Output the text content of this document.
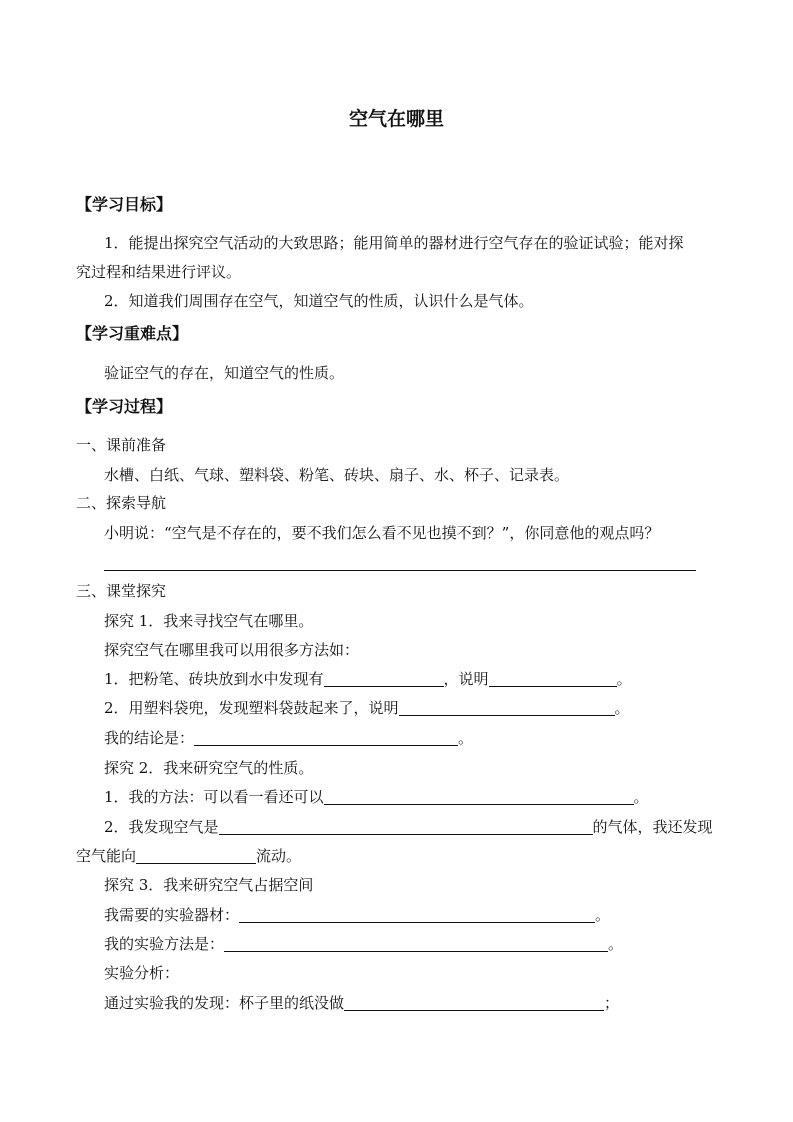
空气在哪里
【学习目标】
1．能提出探究空气活动的大致思路；能用简单的器材进行空气存在的验证试验；能对探
究过程和结果进行评议。
2．知道我们周围存在空气，知道空气的性质，认识什么是气体。
【学习重难点】
验证空气的存在，知道空气的性质。
【学习过程】
一、课前准备
水槽、白纸、气球、塑料袋、粉笔、砖块、扇子、水、杯子、记录表。
二、探索导航
小明说：“空气是不存在的，要不我们怎么看不见也摸不到？”，你同意他的观点吗？
三、课堂探究
探究 1．我来寻找空气在哪里。
探究空气在哪里我可以用很多方法如：
1．把粉笔、砖块放到水中发现有	，说明	。
2．用塑料袋兜，发现塑料袋鼓起来了，说明	。
我的结论是：	。
探究 2．我来研究空气的性质。
1．我的方法：可以看一看还可以	。
2．我发现空气是	的气体，我还发现
空气能向	流动。
探究 3．我来研究空气占据空间
我需要的实验器材：	。
我的实验方法是：	。
实验分析：
通过实验我的发现：杯子里的纸没做	；
